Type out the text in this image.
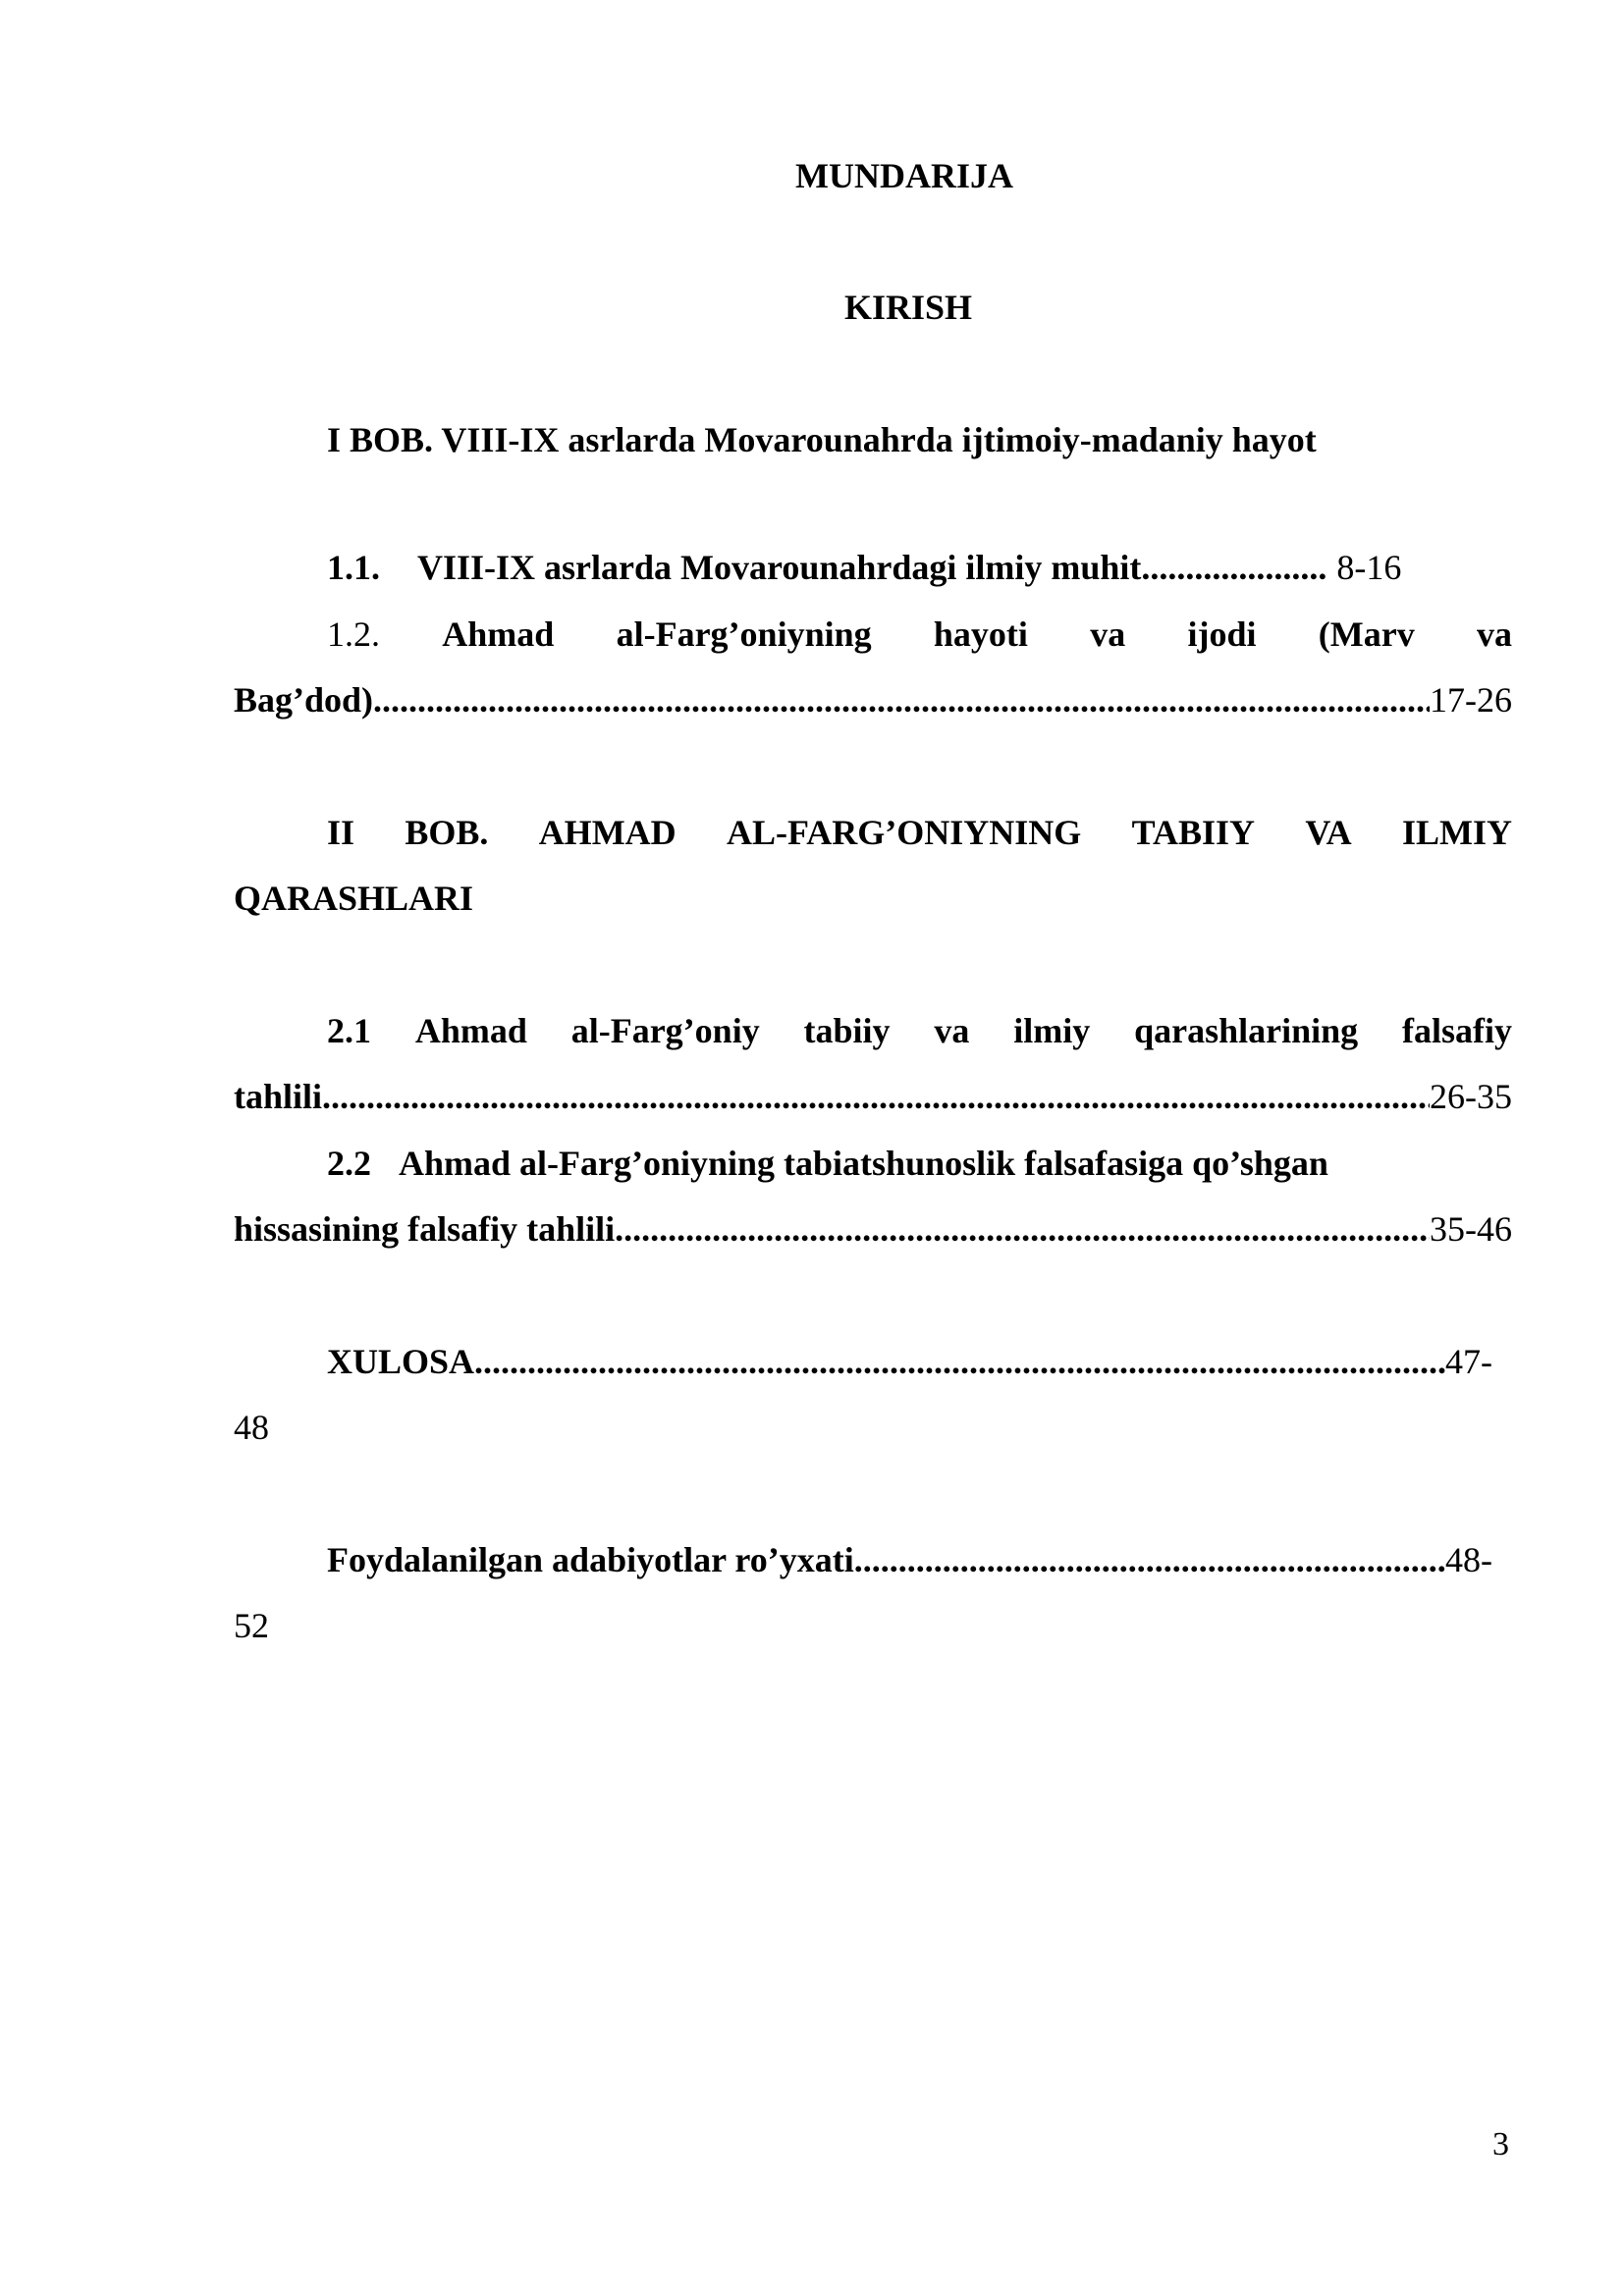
MUNDARIJA
KIRISH
I BOB. VIII-IX asrlarda Movarounahrda ijtimoiy-madaniy hayot
1.1. VIII-IX asrlarda Movarounahrdagi ilmiy muhit..................... 8-16
1.2. Ahmad al-Farg’oniyning hayoti va ijodi (Marv va
Bag’dod) .....	17-26
II BOB. AHMAD AL-FARG’ONIYNING TABIIY VA ILMIY
QARASHLARI
2.1 Ahmad al-Farg’oniy tabiiy va ilmiy qarashlarining falsafiy
tahlili .....	26-35
2.2 Ahmad al-Farg’oniyning tabiatshunoslik falsafasiga qo’shgan
hissasining falsafiy tahlili .....	35-46
XULOSA .....	47-
48
Foydalanilgan adabiyotlar ro’yxati .....	48-
52
3
